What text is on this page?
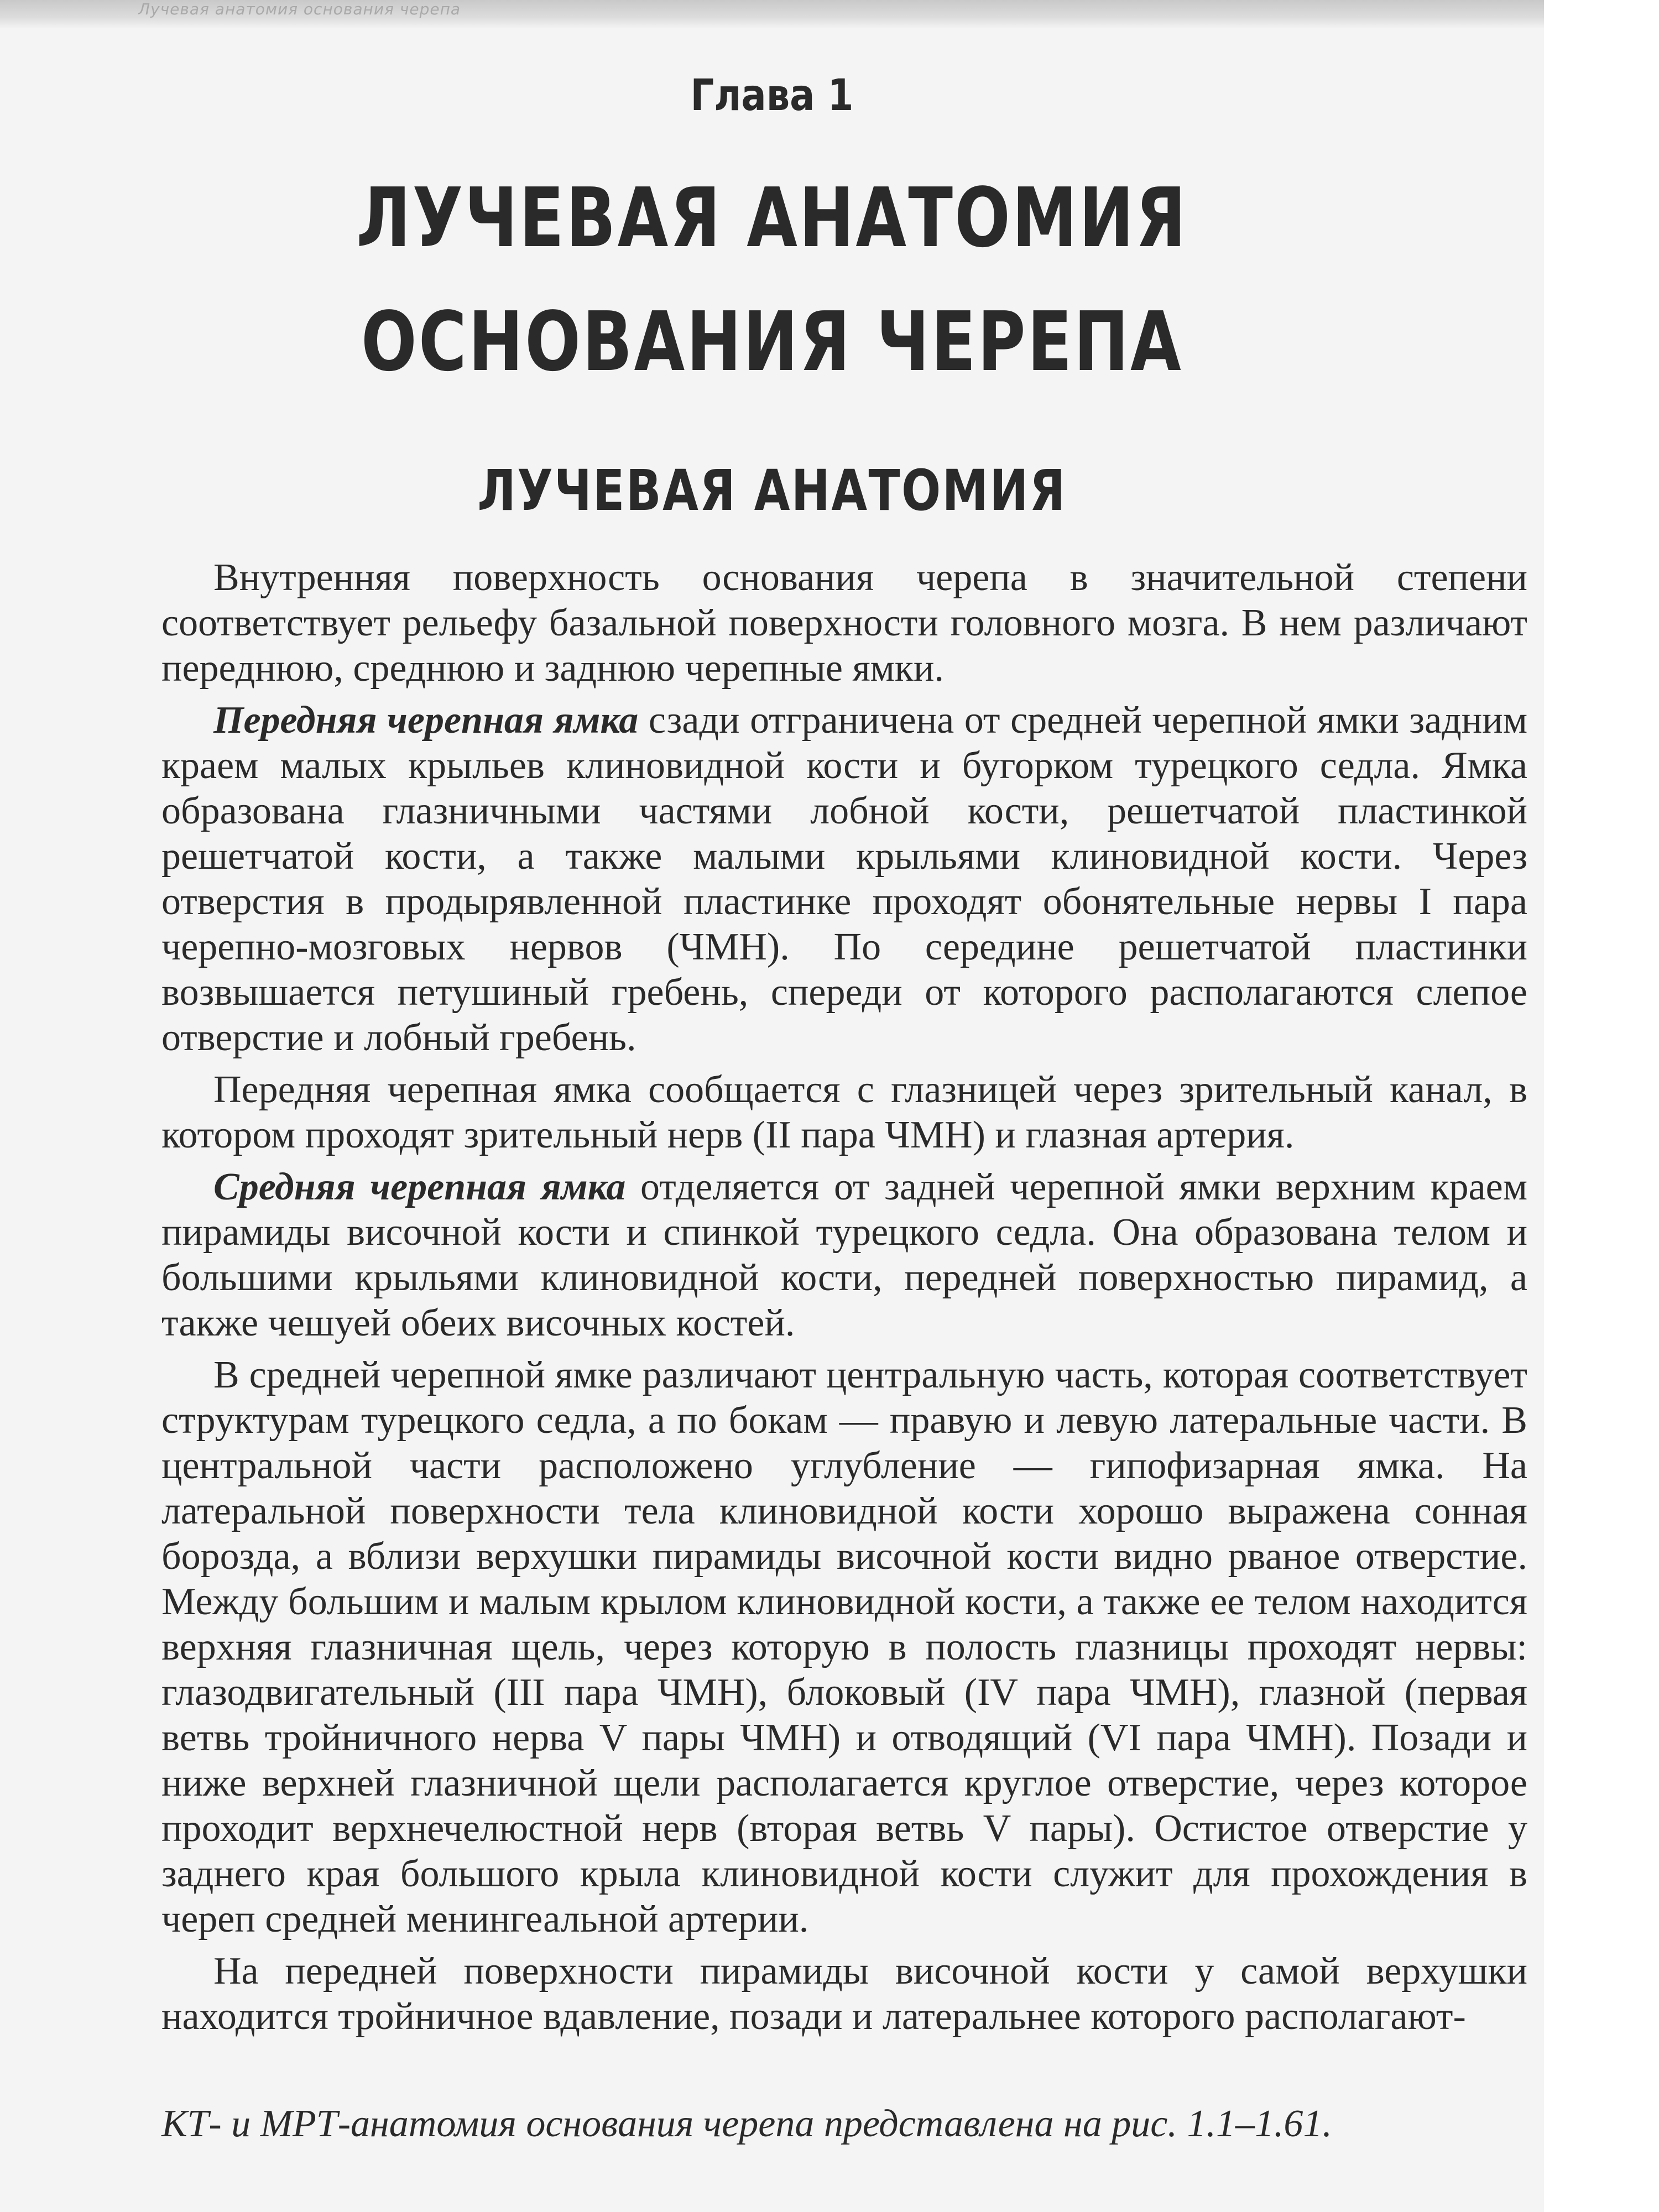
Лучевая анатомия основания черепа
Глава 1
ЛУЧЕВАЯ АНАТОМИЯ
ОСНОВАНИЯ ЧЕРЕПА
ЛУЧЕВАЯ АНАТОМИЯ

Внутренняя поверхность основания черепа в значительной степени соответствует рельефу базальной поверхности головного мозга. В нем различают переднюю, среднюю и заднюю черепные ямки.

Передняя черепная ямка сзади отграничена от средней черепной ямки задним краем малых крыльев клиновидной кости и бугорком турецкого седла. Ямка образована глазничными частями лобной кости, решетчатой пластинкой решетчатой кости, а также малыми крыльями клиновидной кости. Через отверстия в продырявленной пластинке проходят обонятельные нервы I пара черепно-мозговых нервов (ЧМН). По середине решетчатой пластинки возвышается петушиный гребень, спереди от которого располагаются слепое отверстие и лобный гребень.

Передняя черепная ямка сообщается с глазницей через зрительный канал, в котором проходят зрительный нерв (II пара ЧМН) и глазная артерия.

Средняя черепная ямка отделяется от задней черепной ямки верхним краем пирамиды височной кости и спинкой турецкого седла. Она образована телом и большими крыльями клиновидной кости, передней поверхностью пирамид, а также чешуей обеих височных костей.

В средней черепной ямке различают центральную часть, которая соответствует структурам турецкого седла, а по бокам — правую и левую латеральные части. В центральной части расположено углубление — гипофизарная ямка. На латеральной поверхности тела клиновидной кости хорошо выражена сонная борозда, а вблизи верхушки пирамиды височной кости видно рваное отверстие. Между большим и малым крылом клиновидной кости, а также ее телом находится верхняя глазничная щель, через которую в полость глазницы проходят нервы: глазодвигательный (III пара ЧМН), блоковый (IV пара ЧМН), глазной (первая ветвь тройничного нерва V пары ЧМН) и отводящий (VI пара ЧМН). Позади и ниже верхней глазничной щели располагается круглое отверстие, через которое проходит верхнечелюстной нерв (вторая ветвь V пары). Остистое отверстие у заднего края большого крыла клиновидной кости служит для прохождения в череп средней менингеальной артерии.

На передней поверхности пирамиды височной кости у самой верхушки находится тройничное вдавление, позади и латеральнее которого располагают-

КТ- и МРТ-анатомия основания черепа представлена на рис. 1.1–1.61.
